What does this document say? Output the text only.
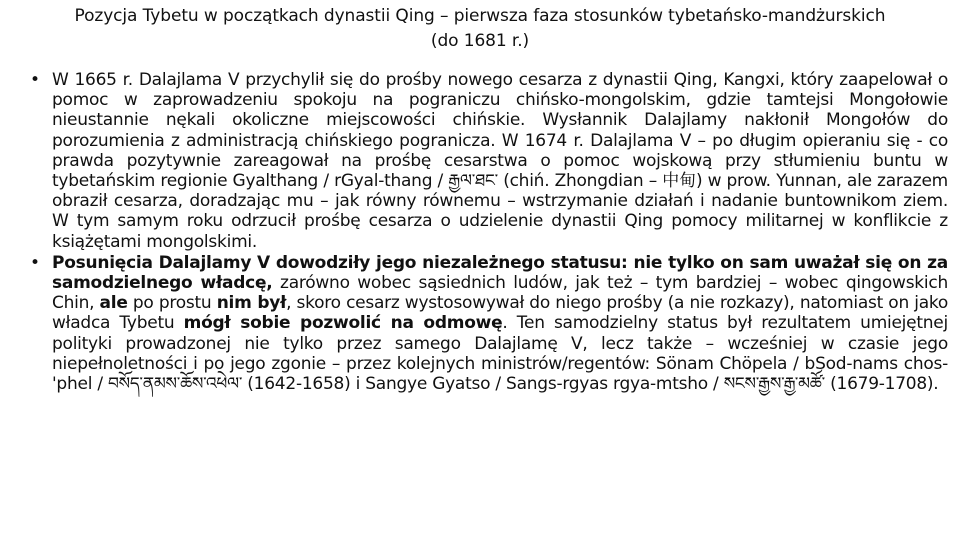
Pozycja Tybetu w początkach dynastii Qing – pierwsza faza stosunków tybetańsko-mandżurskich
(do 1681 r.)
• W 1665 r. Dalajlama V przychylił się do prośby nowego cesarza z dynastii Qing, Kangxi, który zaapelował o pomoc w zaprowadzeniu spokoju na pograniczu chińsko-mongolskim, gdzie tamtejsi Mongołowie nieustannie nękali okoliczne miejscowości chińskie. Wysłannik Dalajlamy nakłonił Mongołów do porozumienia z administracją chińskiego pogranicza. W 1674 r. Dalajlama V – po długim opieraniu się - co prawda pozytywnie zareagował na prośbę cesarstwa o pomoc wojskową przy stłumieniu buntu w tybetańskim regionie Gyalthang / rGyal-thang / རྒྱལ་ཐང་ (chiń. Zhongdian – 中甸) w prow. Yunnan, ale zarazem obraził cesarza, doradzając mu – jak równy równemu – wstrzymanie działań i nadanie buntownikom ziem. W tym samym roku odrzucił prośbę cesarza o udzielenie dynastii Qing pomocy militarnej w konflikcie z książętami mongolskimi.
• Posunięcia Dalajlamy V dowodziły jego niezależnego statusu: nie tylko on sam uważał się on za samodzielnego władcę, zarówno wobec sąsiednich ludów, jak też – tym bardziej – wobec qingowskich Chin, ale po prostu nim był, skoro cesarz wystosowywał do niego prośby (a nie rozkazy), natomiast on jako władca Tybetu mógł sobie pozwolić na odmowę. Ten samodzielny status był rezultatem umiejętnej polityki prowadzonej nie tylko przez samego Dalajlamę V, lecz także – wcześniej w czasie jego niepełnoletności i po jego zgonie – przez kolejnych ministrów/regentów: Sönam Chöpela / bSod-nams chos-'phel / བསོད་ནམས་ཆོས་འཕེལ་ (1642-1658) i Sangye Gyatso / Sangs-rgyas rgya-mtsho / སངས་རྒྱས་རྒྱ་མཚོ་ (1679-1708).
